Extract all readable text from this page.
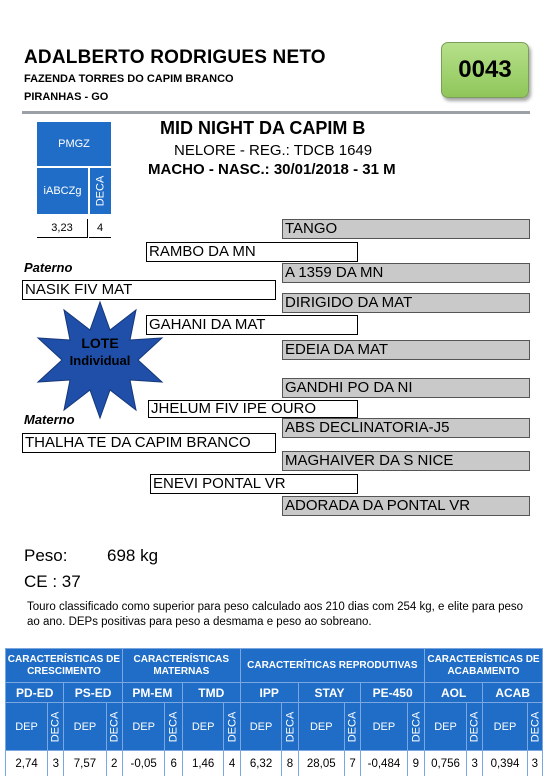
ADALBERTO RODRIGUES NETO
FAZENDA TORRES DO CAPIM BRANCO
PIRANHAS - GO
0043
PMGZ
iABCZg	DECA
3,23	4
MID NIGHT DA CAPIM B
NELORE - REG.: TDCB 1649
MACHO - NASC.: 30/01/2018 - 31 M
TANGO
RAMBO DA MN
Paterno	A 1359 DA MN
NASIK FIV MAT
DIRIGIDO DA MAT
GAHANI DA MAT
EDEIA DA MAT
LOTE
Individual
GANDHI PO DA NI
JHELUM FIV IPE OURO
Materno	ABS DECLINATORIA-J5
THALHA TE DA CAPIM BRANCO
MAGHAIVER DA S NICE
ENEVI PONTAL VR
ADORADA DA PONTAL VR
Peso: 698 kg
CE : 37
Touro classificado como superior para peso calculado aos 210 dias com 254 kg, e elite para peso ao ano. DEPs positivas para peso a desmama e peso ao sobreano.
CARACTERÍSTICAS DE CRESCIMENTO				CARACTERÍSTICAS MATERNAS				CARACTERÍTICAS REPRODUTIVAS						CARACTERÍSTICAS DE ACABAMENTO			
PD-ED		PS-ED		PM-EM		TMD		IPP		STAY		PE-450		AOL		ACAB	
DEP	DECA	DEP	DECA	DEP	DECA	DEP	DECA	DEP	DECA	DEP	DECA	DEP	DECA	DEP	DECA	DEP	DECA

2,74	3	7,57	2	-0,05	6	1,46	4	6,32	8	28,05	7	-0,484	9	0,756	3	0,394	3
